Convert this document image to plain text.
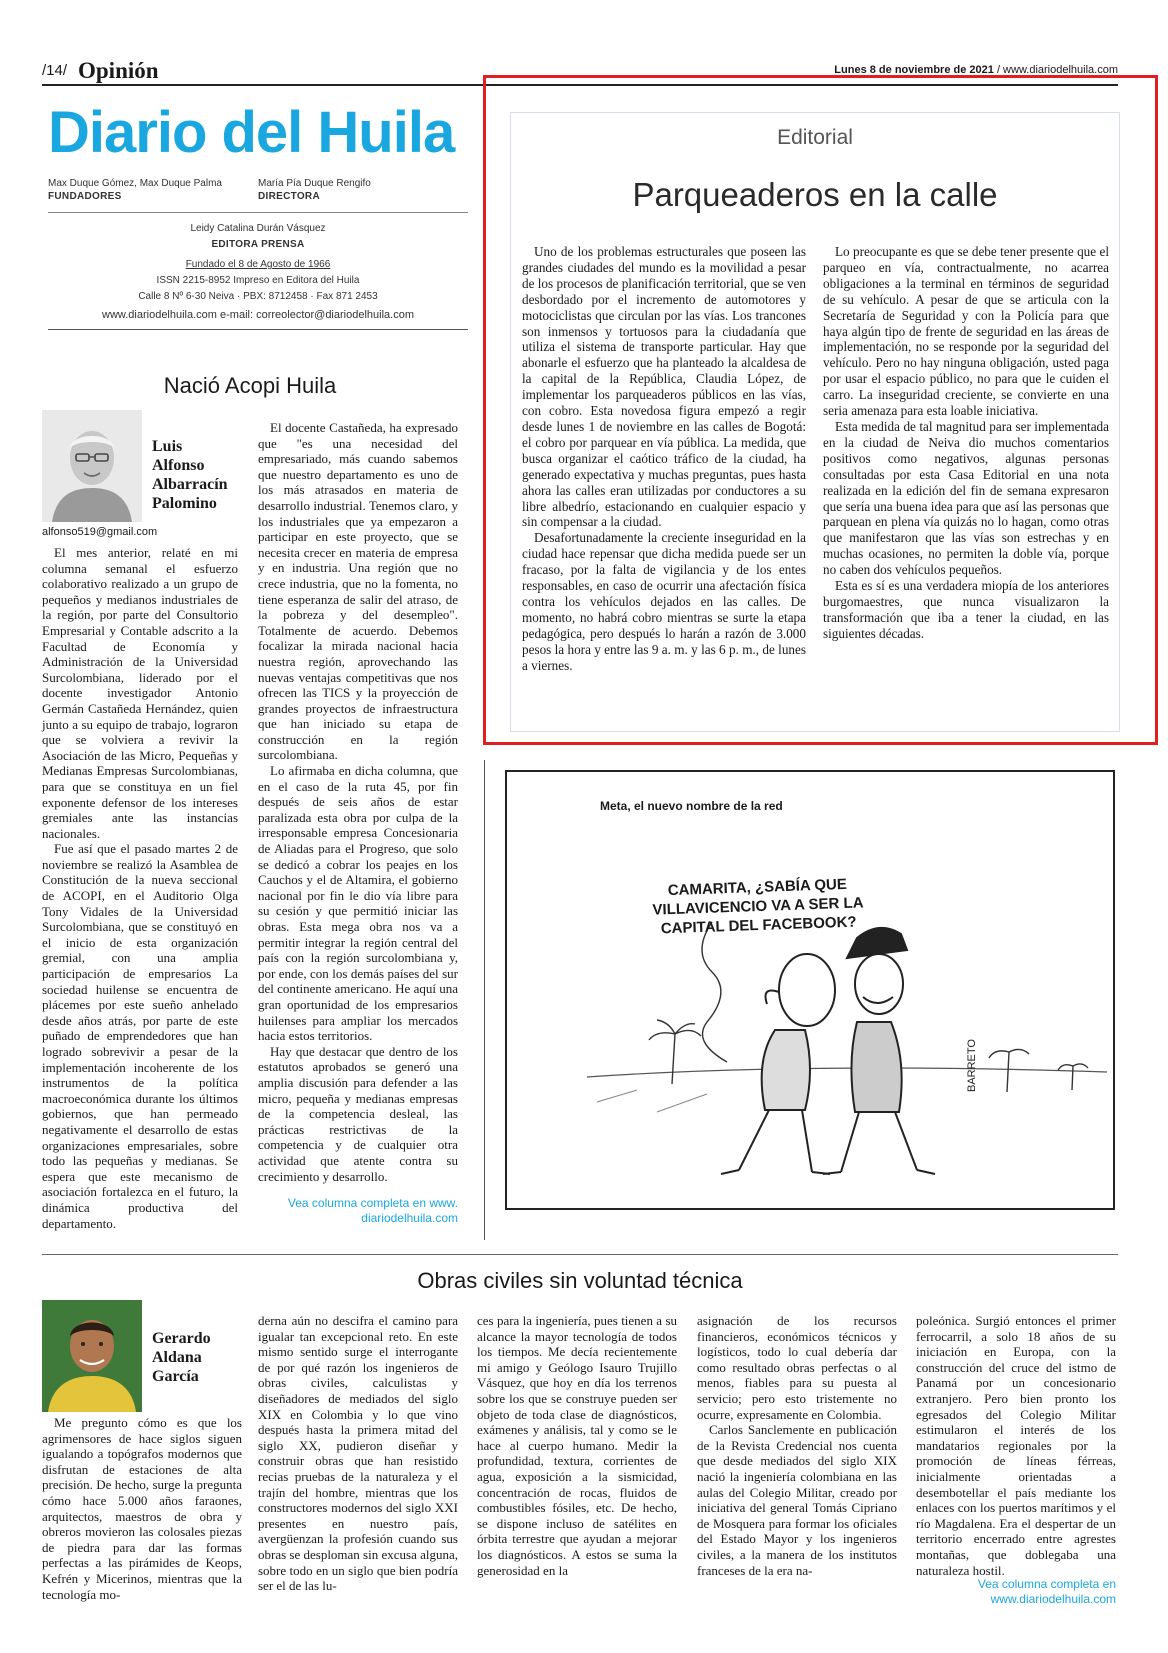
/14/ Opinión	Lunes 8 de noviembre de 2021 / www.diariodelhuila.com
Diario del Huila
Max Duque Gómez, Max Duque Palma
FUNDADORES
María Pía Duque Rengifo
DIRECTORA
Leidy Catalina Durán Vásquez
EDITORA PRENSA
Fundado el 8 de Agosto de 1966
ISSN 2215-8952 Impreso en Editora del Huila
Calle 8 Nº 6-30 Neiva · PBX: 8712458 · Fax 871 2453
www.diariodelhuila.com e-mail: correolector@diariodelhuila.com
Editorial
Parqueaderos en la calle

Uno de los problemas estructurales que poseen las grandes ciudades del mundo es la movilidad a pesar de los procesos de planificación territorial, que se ven desbordado por el incremento de automotores y motociclistas que circulan por las vías. Los trancones son inmensos y tortuosos para la ciudadanía que utiliza el sistema de transporte particular. Hay que abonarle el esfuerzo que ha planteado la alcaldesa de la capital de la República, Claudia López, de implementar los parqueaderos públicos en las vías, con cobro. Esta novedosa figura empezó a regir desde lunes 1 de noviembre en las calles de Bogotá: el cobro por parquear en vía pública. La medida, que busca organizar el caótico tráfico de la ciudad, ha generado expectativa y muchas preguntas, pues hasta ahora las calles eran utilizadas por conductores a su libre albedrío, estacionando en cualquier espacio y sin compensar a la ciudad.

Desafortunadamente la creciente inseguridad en la ciudad hace repensar que dicha medida puede ser un fracaso, por la falta de vigilancia y de los entes responsables, en caso de ocurrir una afectación física contra los vehículos dejados en las calles. De momento, no habrá cobro mientras se surte la etapa pedagógica, pero después lo harán a razón de 3.000 pesos la hora y entre las 9 a. m. y las 6 p. m., de lunes a viernes.

Lo preocupante es que se debe tener presente que el parqueo en vía, contractualmente, no acarrea obligaciones a la terminal en términos de seguridad de su vehículo. A pesar de que se articula con la Secretaría de Seguridad y con la Policía para que haya algún tipo de frente de seguridad en las áreas de implementación, no se responde por la seguridad del vehículo. Pero no hay ninguna obligación, usted paga por usar el espacio público, no para que le cuiden el carro. La inseguridad creciente, se convierte en una seria amenaza para esta loable iniciativa.

Esta medida de tal magnitud para ser implementada en la ciudad de Neiva dio muchos comentarios positivos como negativos, algunas personas consultadas por esta Casa Editorial en una nota realizada en la edición del fin de semana expresaron que sería una buena idea para que así las personas que parquean en plena vía quizás no lo hagan, como otras que manifestaron que las vías son estrechas y en muchas ocasiones, no permiten la doble vía, porque no caben dos vehículos pequeños.

Esta es sí es una verdadera miopía de los anteriores burgomaestres, que nunca visualizaron la transformación que iba a tener la ciudad, en las siguientes décadas.

Nació Acopi Huila
Luis
Alfonso
Albarracín
Palomino
alfonso519@gmail.com

El mes anterior, relaté en mi columna semanal el esfuerzo colaborativo realizado a un grupo de pequeños y medianos industriales de la región, por parte del Consultorio Empresarial y Contable adscrito a la Facultad de Economía y Administración de la Universidad Surcolombiana, liderado por el docente investigador Antonio Germán Castañeda Hernández, quien junto a su equipo de trabajo, lograron que se volviera a revivir la Asociación de las Micro, Pequeñas y Medianas Empresas Surcolombianas, para que se constituya en un fiel exponente defensor de los intereses gremiales ante las instancias nacionales.

Fue así que el pasado martes 2 de noviembre se realizó la Asamblea de Constitución de la nueva seccional de ACOPI, en el Auditorio Olga Tony Vidales de la Universidad Surcolombiana, que se constituyó en el inicio de esta organización gremial, con una amplia participación de empresarios La sociedad huilense se encuentra de plácemes por este sueño anhelado desde años atrás, por parte de este puñado de emprendedores que han logrado sobrevivir a pesar de la implementación incoherente de los instrumentos de la política macroeconómica durante los últimos gobiernos, que han permeado negativamente el desarrollo de estas organizaciones empresariales, sobre todo las pequeñas y medianas. Se espera que este mecanismo de asociación fortalezca en el futuro, la dinámica productiva del departamento.

El docente Castañeda, ha expresado que "es una necesidad del empresariado, más cuando sabemos que nuestro departamento es uno de los más atrasados en materia de desarrollo industrial. Tenemos claro, y los industriales que ya empezaron a participar en este proyecto, que se necesita crecer en materia de empresa y en industria. Una región que no crece industria, que no la fomenta, no tiene esperanza de salir del atraso, de la pobreza y del desempleo". Totalmente de acuerdo. Debemos focalizar la mirada nacional hacia nuestra región, aprovechando las nuevas ventajas competitivas que nos ofrecen las TICS y la proyección de grandes proyectos de infraestructura que han iniciado su etapa de construcción en la región surcolombiana.

Lo afirmaba en dicha columna, que en el caso de la ruta 45, por fin después de seis años de estar paralizada esta obra por culpa de la irresponsable empresa Concesionaria de Aliadas para el Progreso, que solo se dedicó a cobrar los peajes en los Cauchos y el de Altamira, el gobierno nacional por fin le dio vía libre para su cesión y que permitió iniciar las obras. Esta mega obra nos va a permitir integrar la región central del país con la región surcolombiana y, por ende, con los demás países del sur del continente americano. He aquí una gran oportunidad de los empresarios huilenses para ampliar los mercados hacia estos territorios.

Hay que destacar que dentro de los estatutos aprobados se generó una amplia discusión para defender a las micro, pequeña y medianas empresas de la competencia desleal, las prácticas restrictivas de la competencia y de cualquier otra actividad que atente contra su crecimiento y desarrollo.

Vea columna completa en www. diariodelhuila.com
BARRETO
Meta, el nuevo nombre de la red
CAMARITA, ¿SABÍA QUE VILLAVICENCIO VA A SER LA CAPITAL DEL FACEBOOK?
Obras civiles sin voluntad técnica
Gerardo
Aldana
García

Me pregunto cómo es que los agrimensores de hace siglos siguen igualando a topógrafos modernos que disfrutan de estaciones de alta precisión. De hecho, surge la pregunta cómo hace 5.000 años faraones, arquitectos, maestros de obra y obreros movieron las colosales piezas de piedra para dar las formas perfectas a las pirámides de Keops, Kefrén y Micerinos, mientras que la tecnología mo-

derna aún no descifra el camino para igualar tan excepcional reto. En este mismo sentido surge el interrogante de por qué razón los ingenieros de obras civiles, calculistas y diseñadores de mediados del siglo XIX en Colombia y lo que vino después hasta la primera mitad del siglo XX, pudieron diseñar y construir obras que han resistido recias pruebas de la naturaleza y el trajín del hombre, mientras que los constructores modernos del siglo XXI presentes en nuestro país, avergüenzan la profesión cuando sus obras se desploman sin excusa alguna, sobre todo en un siglo que bien podría ser el de las lu-

ces para la ingeniería, pues tienen a su alcance la mayor tecnología de todos los tiempos. Me decía recientemente mi amigo y Geólogo Isauro Trujillo Vásquez, que hoy en día los terrenos sobre los que se construye pueden ser objeto de toda clase de diagnósticos, exámenes y análisis, tal y como se le hace al cuerpo humano. Medir la profundidad, textura, corrientes de agua, exposición a la sismicidad, concentración de rocas, fluidos de combustibles fósiles, etc. De hecho, se dispone incluso de satélites en órbita terrestre que ayudan a mejorar los diagnósticos. A estos se suma la generosidad en la

asignación de los recursos financieros, económicos técnicos y logísticos, todo lo cual debería dar como resultado obras perfectas o al menos, fiables para su puesta al servicio; pero esto tristemente no ocurre, expresamente en Colombia.

Carlos Sanclemente en publicación de la Revista Credencial nos cuenta que desde mediados del siglo XIX nació la ingeniería colombiana en las aulas del Colegio Militar, creado por iniciativa del general Tomás Cipriano de Mosquera para formar los oficiales del Estado Mayor y los ingenieros civiles, a la manera de los institutos franceses de la era na-

poleónica. Surgió entonces el primer ferrocarril, a solo 18 años de su iniciación en Europa, con la construcción del cruce del istmo de Panamá por un concesionario extranjero. Pero bien pronto los egresados del Colegio Militar estimularon el interés de los mandatarios regionales por la promoción de líneas férreas, inicialmente orientadas a desembotellar el país mediante los enlaces con los puertos marítimos y el río Magdalena. Era el despertar de un territorio encerrado entre agrestes montañas, que doblegaba una naturaleza hostil.

Vea columna completa en www.diariodelhuila.com
